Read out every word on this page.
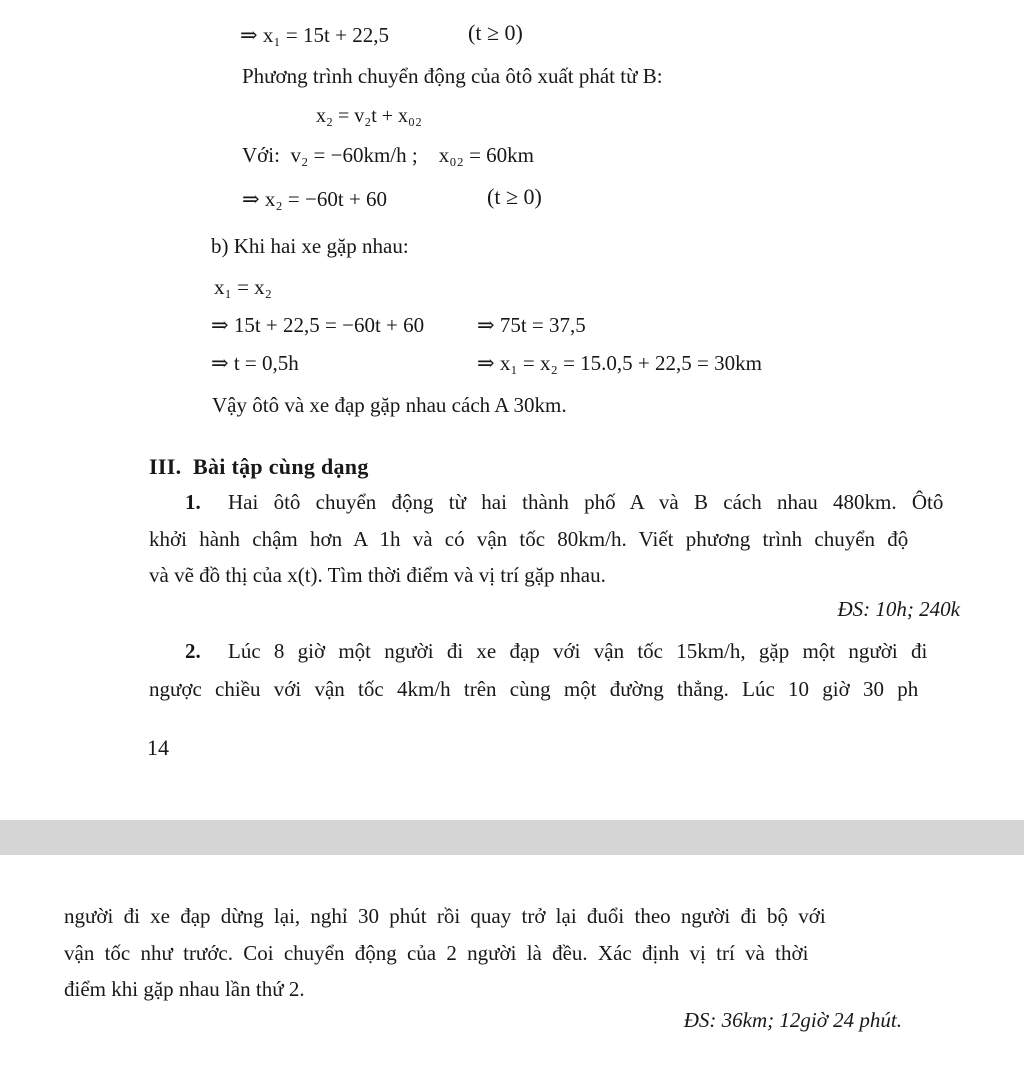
⇒ x₁ = 15t + 22,5	(t ≥ 0)
Phương trình chuyển động của ôtô xuất phát từ B:
x₂ = v₂t + x₀₂
Với:  v₂ = −60km/h ;    x₀₂ = 60km
⇒ x₂ = −60t + 60	(t ≥ 0)
b) Khi hai xe gặp nhau:
x₁ = x₂
⇒ 15t + 22,5 = −60t + 60	⇒ 75t = 37,5
⇒ t = 0,5h	⇒ x₁ = x₂ = 15.0,5 + 22,5 = 30km
Vậy ôtô và xe đạp gặp nhau cách A 30km.
III.  Bài tập cùng dạng
1. Hai ôtô chuyển động từ hai thành phố A và B cách nhau 480km. Ôtô
khởi hành chậm hơn A 1h và có vận tốc 80km/h. Viết phương trình chuyển độ
và vẽ đồ thị của x(t). Tìm thời điểm và vị trí gặp nhau.
ĐS: 10h; 240k
2. Lúc 8 giờ một người đi xe đạp với vận tốc 15km/h, gặp một người đi
ngược chiều với vận tốc 4km/h trên cùng một đường thẳng. Lúc 10 giờ 30 ph
14
người đi xe đạp dừng lại, nghỉ 30 phút rồi quay trở lại đuổi theo người đi bộ với
vận tốc như trước. Coi chuyển động của 2 người là đều. Xác định vị trí và thời
điểm khi gặp nhau lần thứ 2.
ĐS: 36km; 12giờ 24 phút.
